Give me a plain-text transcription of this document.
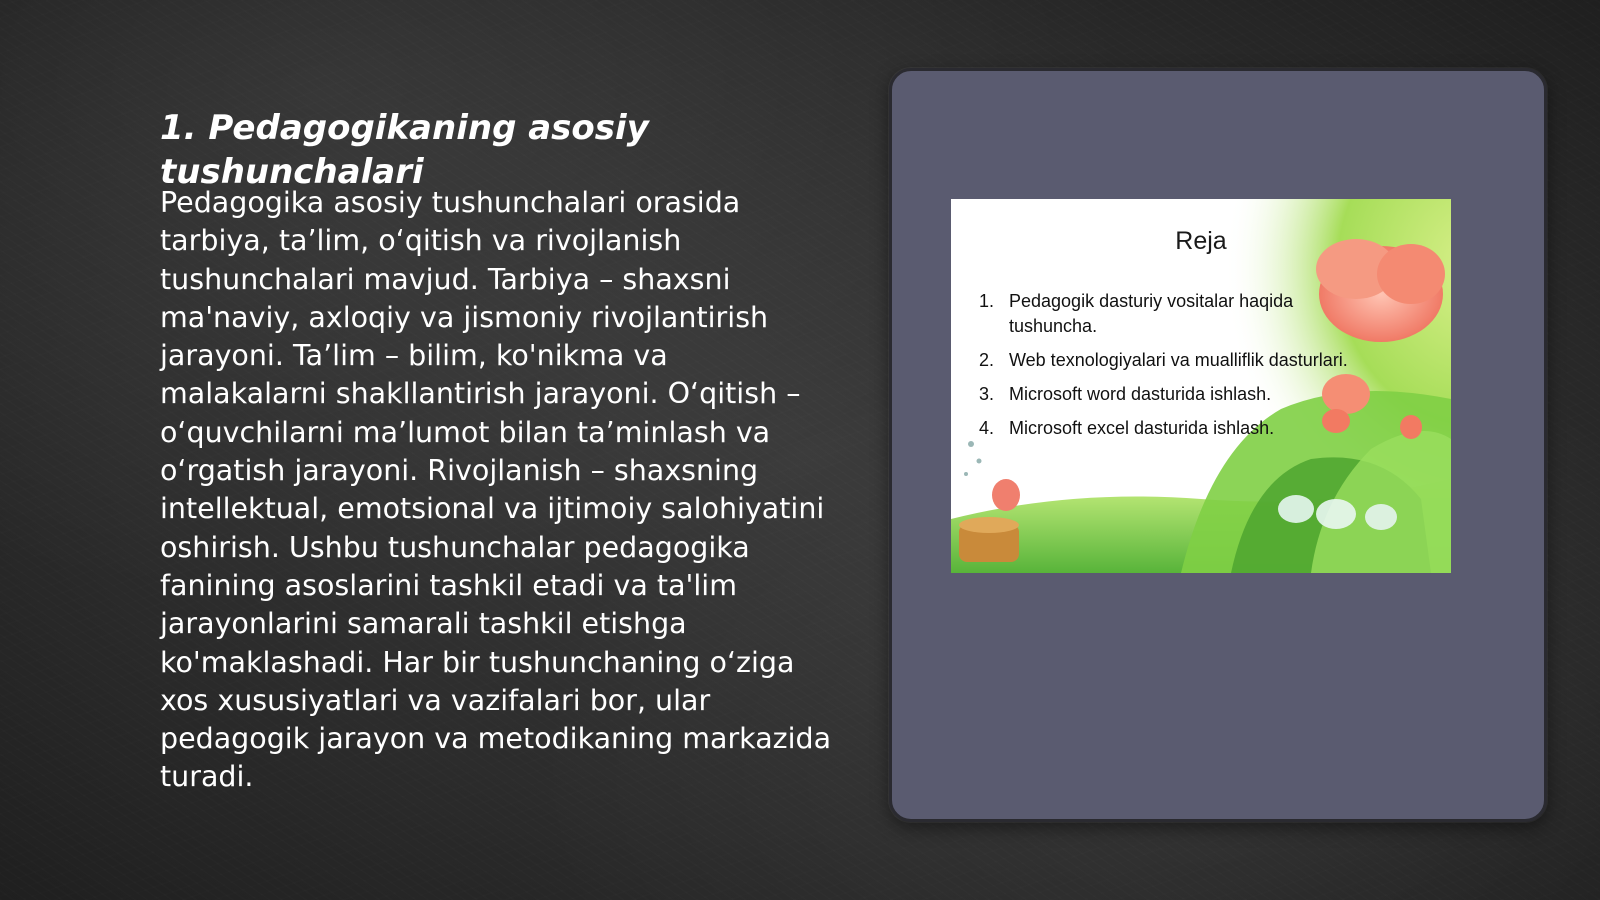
1. Pedagogikaning asosiy tushunchalari

Pedagogika asosiy tushunchalari orasida tarbiya, ta’lim, o‘qitish va rivojlanish tushunchalari mavjud. Tarbiya – shaxsni ma'naviy, axloqiy va jismoniy rivojlantirish jarayoni. Ta’lim – bilim, ko'nikma va malakalarni shakllantirish jarayoni. O‘qitish – o‘quvchilarni ma’lumot bilan ta’minlash va o‘rgatish jarayoni. Rivojlanish – shaxsning intellektual, emotsional va ijtimoiy salohiyatini oshirish. Ushbu tushunchalar pedagogika fanining asoslarini tashkil etadi va ta'lim jarayonlarini samarali tashkil etishga ko'maklashadi. Har bir tushunchaning o‘ziga xos xususiyatlari va vazifalari bor, ular pedagogik jarayon va metodikaning markazida turadi.

Reja
1. Pedagogik dasturiy vositalar haqida tushuncha.
2. Web texnologiyalari va mualliflik dasturlari.
3. Microsoft word dasturida ishlash.
4. Microsoft excel dasturida ishlash.
